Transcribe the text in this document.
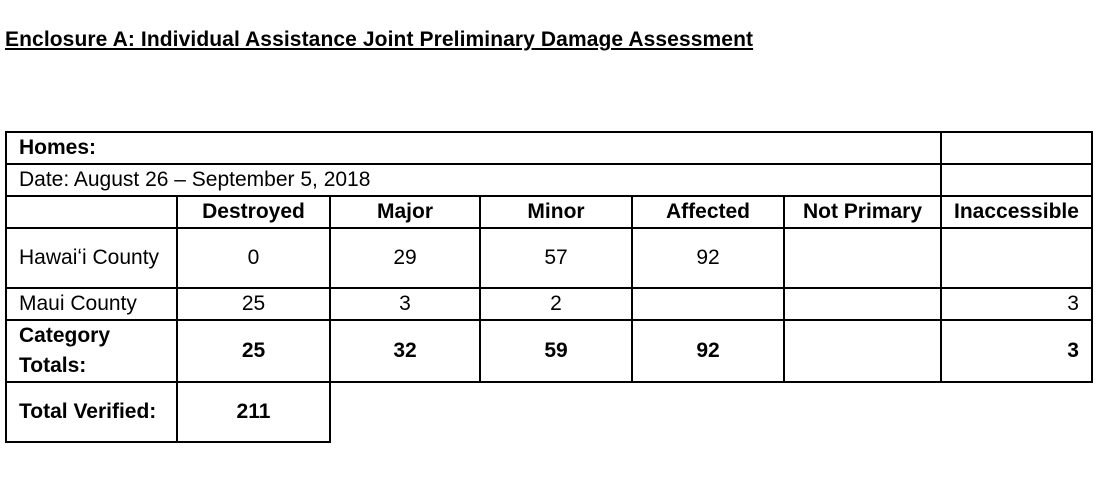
Enclosure A: Individual Assistance Joint Preliminary Damage Assessment
Homes:						
Date: August 26 – September 5, 2018						
	Destroyed	Major	Minor	Affected	Not Primary	Inaccessible
Hawaiʻi County	0	29	57	92		
Maui County	25	3	2			3
Category Totals:	25	32	59	92		3
Total Verified:	211					
